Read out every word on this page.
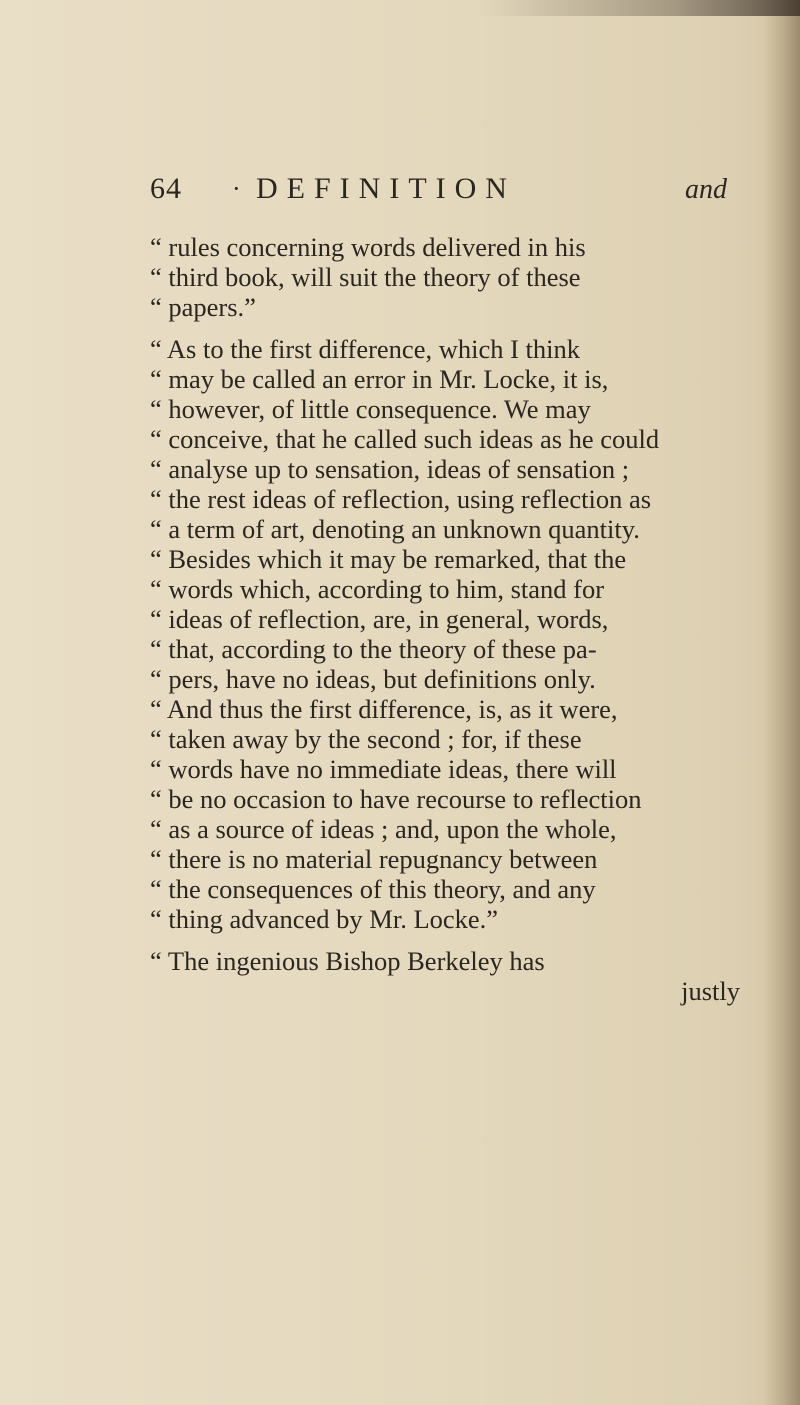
64 · DEFINITION	and
“ rules concerning words delivered in his
“ third book, will suit the theory of these
“ papers.”
“ As to the first difference, which I think
“ may be called an error in Mr. Locke, it is,
“ however, of little consequence. We may
“ conceive, that he called such ideas as he could
“ analyse up to sensation, ideas of sensation ;
“ the rest ideas of reflection, using reflection as
“ a term of art, denoting an unknown quantity.
“ Besides which it may be remarked, that the
“ words which, according to him, stand for
“ ideas of reflection, are, in general, words,
“ that, according to the theory of these pa-
“ pers, have no ideas, but definitions only.
“ And thus the first difference, is, as it were,
“ taken away by the second ; for, if these
“ words have no immediate ideas, there will
“ be no occasion to have recourse to reflection
“ as a source of ideas ; and, upon the whole,
“ there is no material repugnancy between
“ the consequences of this theory, and any
“ thing advanced by Mr. Locke.”
“ The ingenious Bishop Berkeley has
justly
